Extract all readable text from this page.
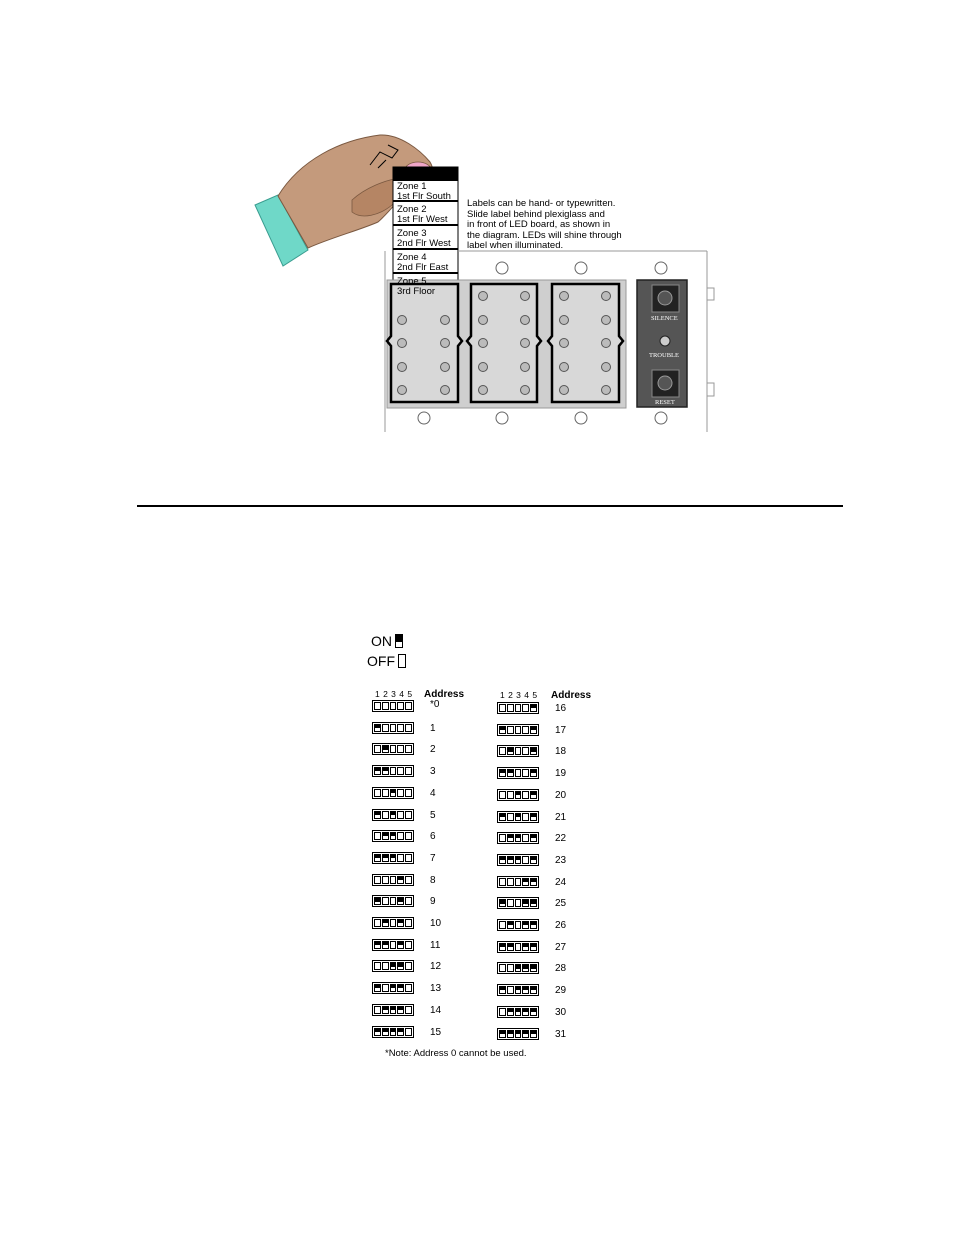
SILENCE
TROUBLE
RESET
Zone 1
1st Flr South
Zone 2
1st Flr West
Zone 3
2nd Flr West
Zone 4
2nd Flr East
Zone 5
3rd Floor
Labels can be hand- or typewritten.
Slide label behind plexiglass and
in front of LED board, as shown in
the diagram. LEDs will shine through
label when illuminated.
ON
OFF
1 2 3 4 5 Address	1 2 3 4 5 Address
*0
1
2
3
4
5
6
7
8
9
10
11
12
13
14
15
16
17
18
19
20
21
22
23
24
25
26
27
28
29
30
31
*Note: Address 0 cannot be used.
